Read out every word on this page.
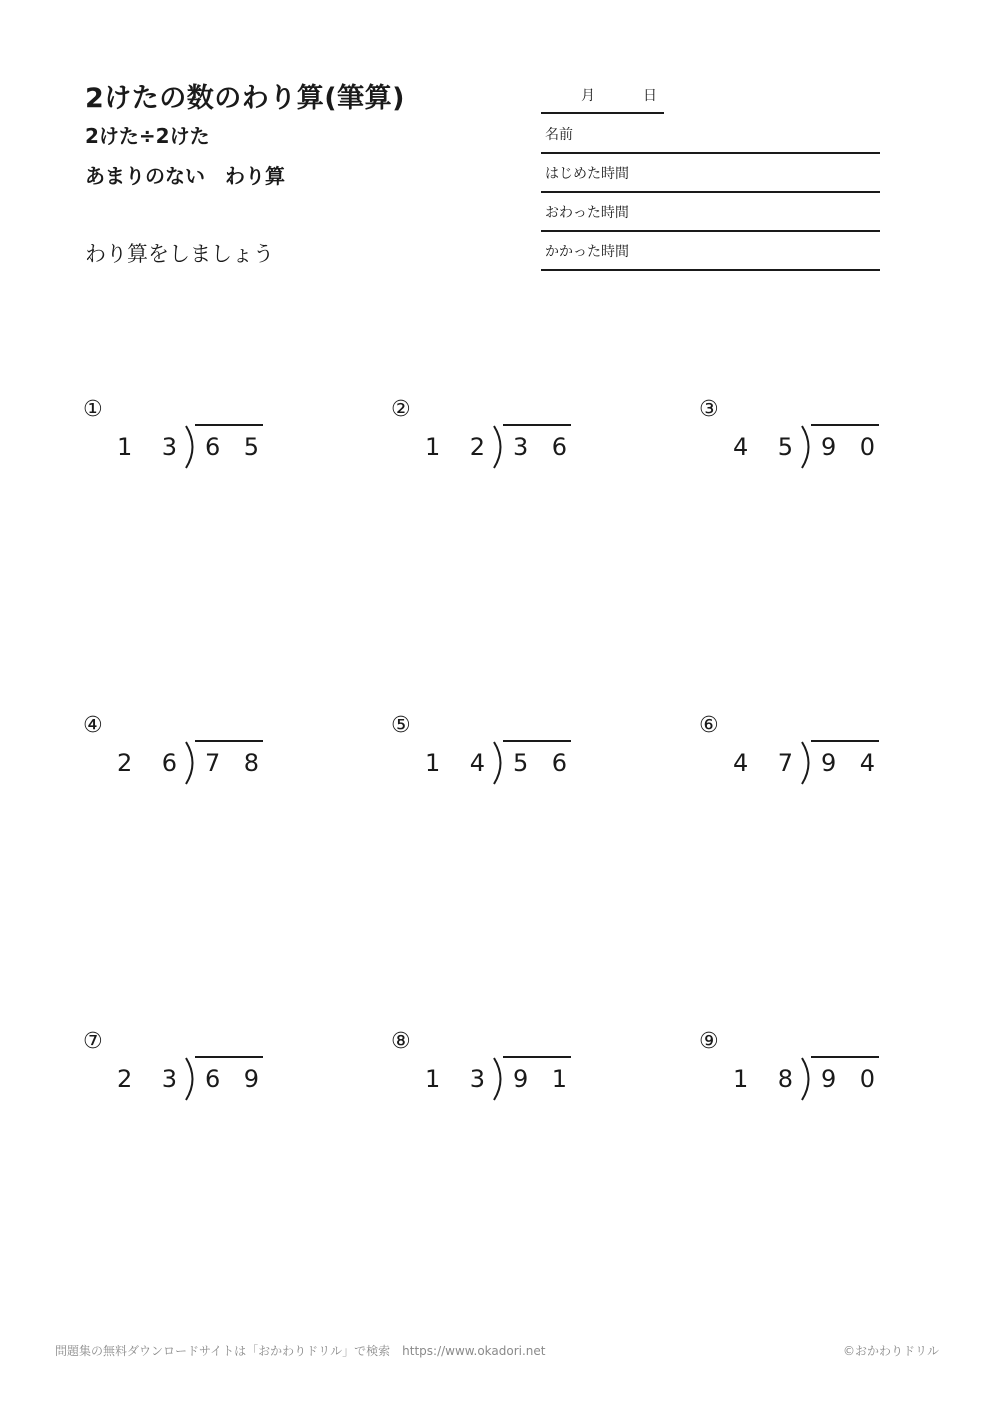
2けたの数のわり算(筆算)
2けた÷2けた
あまりのない　わり算
わり算をしましょう
月	日
名前
はじめた時間
おわった時間
かかった時間
①
1 3 6 5
②
1 2 3 6
③
4 5 9 0
④
2 6 7 8
⑤
1 4 5 6
⑥
4 7 9 4
⑦
2 3 6 9
⑧
1 3 9 1
⑨
1 8 9 0
問題集の無料ダウンロードサイトは「おかわりドリル」で検索　https://www.okadori.net	©おかわりドリル
